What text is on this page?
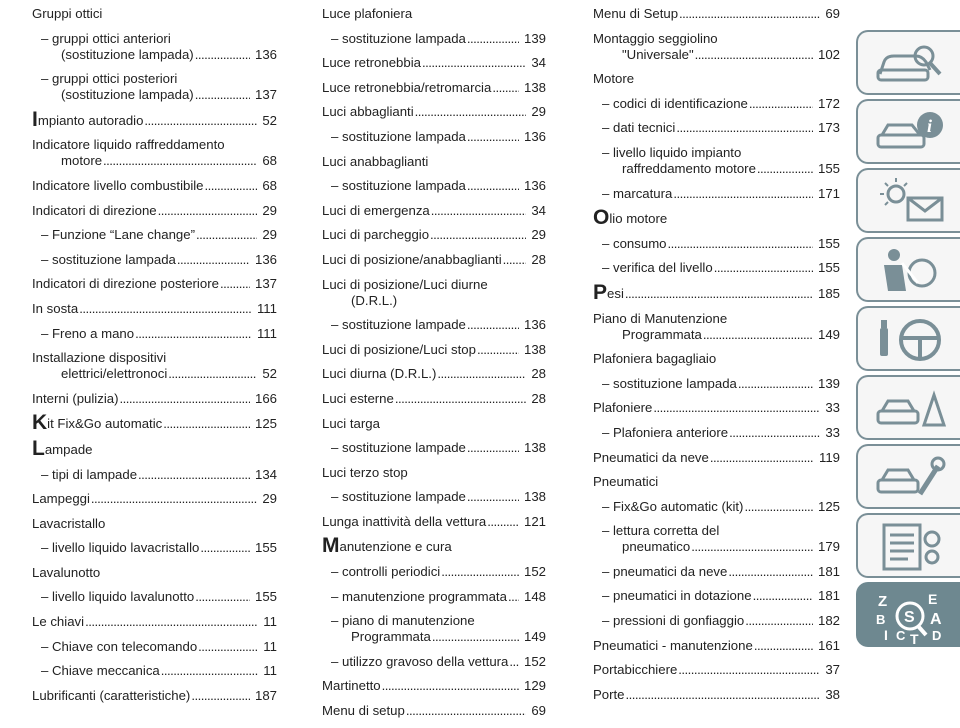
Gruppi ottici
– gruppi ottici anteriori
(sostituzione lampada) . . .	136
– gruppi ottici posteriori
(sostituzione lampada) . . .	137
Impianto autoradio . . .	52
Indicatore liquido raffreddamento
motore . . .	68
Indicatore livello combustibile . . .	68
Indicatori di direzione . . .	29
– Funzione “Lane change” . . .	29
– sostituzione lampada . . .	136
Indicatori di direzione posteriore . . .	137
In sosta . . .	111
– Freno a mano . . .	111
Installazione dispositivi
elettrici/elettronoci . . .	52
Interni (pulizia) . . .	166
Kit Fix&Go automatic . . .	125
Lampade
– tipi di lampade . . .	134
Lampeggi . . .	29
Lavacristallo
– livello liquido lavacristallo . . .	155
Lavalunotto
– livello liquido lavalunotto . . .	155
Le chiavi . . .	11
– Chiave con telecomando . . .	11
– Chiave meccanica . . .	11
Lubrificanti (caratteristiche) . . .	187
Luce plafoniera
– sostituzione lampada . . .	139
Luce retronebbia . . .	34
Luce retronebbia/retromarcia . . . 138
Luci abbaglianti . . .	29
– sostituzione lampada . . .	136
Luci anabbaglianti
– sostituzione lampada . . .	136
Luci di emergenza . . .	34
Luci di parcheggio . . .	29
Luci di posizione/anabbaglianti . . . 28
Luci di posizione/Luci diurne
(D.R.L.)
– sostituzione lampade . . .	136
Luci di posizione/Luci stop . . .	138
Luci diurna (D.R.L.) . . .	28
Luci esterne . . .	28
Luci targa
– sostituzione lampade . . .	138
Luci terzo stop
– sostituzione lampade . . .	138
Lunga inattività della vettura . . .	121
Manutenzione e cura
– controlli periodici . . .	152
– manutenzione programmata . . . 148
– piano di manutenzione
Programmata . . .	149
– utilizzo gravoso della vettura . . . 152
Martinetto . . .	129
Menu di setup . . .	69
Menu di Setup . . .	69
Montaggio seggiolino
"Universale" . . .	102
Motore
– codici di identificazione . . .	172
– dati tecnici . . .	173
– livello liquido impianto
raffreddamento motore . . .	155
– marcatura . . .	171
Olio motore
– consumo . . .	155
– verifica del livello . . .	155
Pesi . . .	185
Piano di Manutenzione
Programmata . . .	149
Plafoniera bagagliaio
– sostituzione lampada . . .	139
Plafoniere . . .	33
– Plafoniera anteriore . . .	33
Pneumatici da neve . . .	119
Pneumatici
– Fix&Go automatic (kit) . . .	125
– lettura corretta del
pneumatico . . .	179
– pneumatici da neve . . .	181
– pneumatici in dotazione . . .	181
– pressioni di gonfiaggio . . .	182
Pneumatici - manutenzione . . .	161
Portabicchiere . . .	37
Porte . . .	38
i
Z	E
B	A
I C T D
S
